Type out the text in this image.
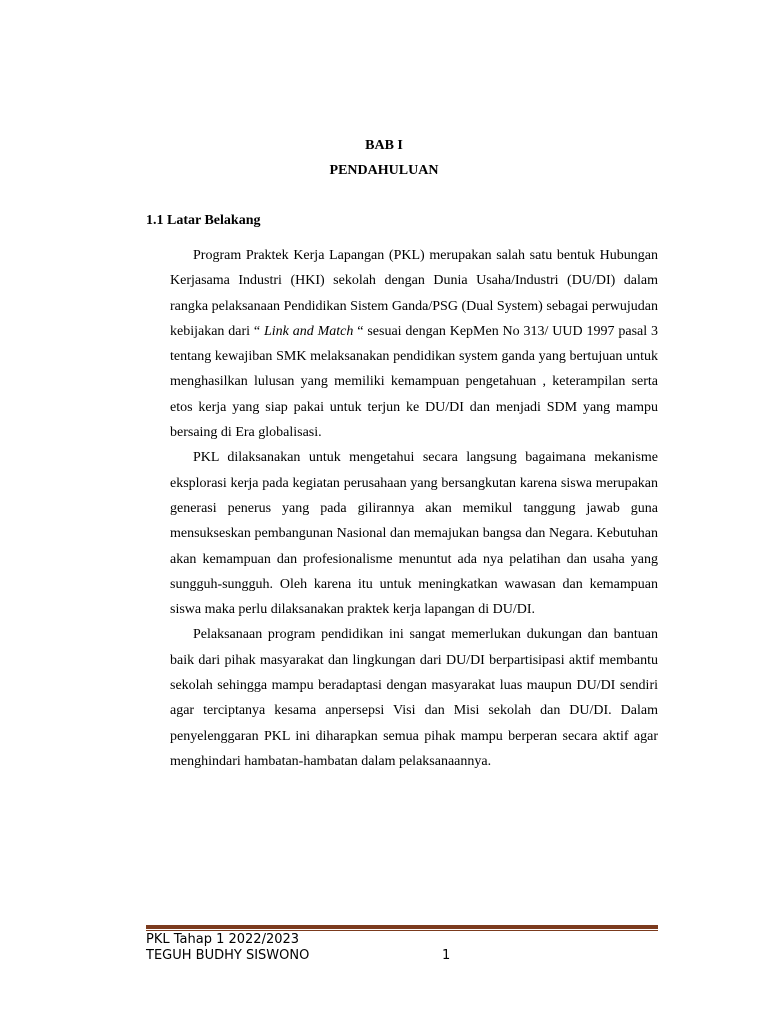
BAB I
PENDAHULUAN
1.1 Latar Belakang

Program Praktek Kerja Lapangan (PKL) merupakan salah satu bentuk Hubungan Kerjasama Industri (HKI) sekolah dengan Dunia Usaha/Industri (DU/DI) dalam rangka pelaksanaan Pendidikan Sistem Ganda/PSG (Dual System) sebagai perwujudan kebijakan dari “ Link and Match “ sesuai dengan KepMen No 313/ UUD 1997 pasal 3 tentang kewajiban SMK melaksanakan pendidikan system ganda yang bertujuan untuk menghasilkan lulusan yang memiliki kemampuan pengetahuan , keterampilan serta etos kerja yang siap pakai untuk terjun ke DU/DI dan menjadi SDM yang mampu bersaing di Era globalisasi.

PKL dilaksanakan untuk mengetahui secara langsung bagaimana mekanisme eksplorasi kerja pada kegiatan perusahaan yang bersangkutan karena siswa merupakan generasi penerus yang pada gilirannya akan memikul tanggung jawab guna mensukseskan pembangunan Nasional dan memajukan bangsa dan Negara. Kebutuhan akan kemampuan dan profesionalisme menuntut ada nya pelatihan dan usaha yang sungguh-sungguh. Oleh karena itu untuk meningkatkan wawasan dan kemampuan siswa maka perlu dilaksanakan praktek kerja lapangan di DU/DI.

Pelaksanaan program pendidikan ini sangat memerlukan dukungan dan bantuan baik dari pihak masyarakat dan lingkungan dari DU/DI berpartisipasi aktif membantu sekolah sehingga mampu beradaptasi dengan masyarakat luas maupun DU/DI sendiri agar terciptanya kesama anpersepsi Visi dan Misi sekolah dan DU/DI. Dalam penyelenggaran PKL ini diharapkan semua pihak mampu berperan secara aktif agar menghindari hambatan-hambatan dalam pelaksanaannya.

PKL Tahap 1 2022/2023

TEGUH BUDHY SISWONO	1
